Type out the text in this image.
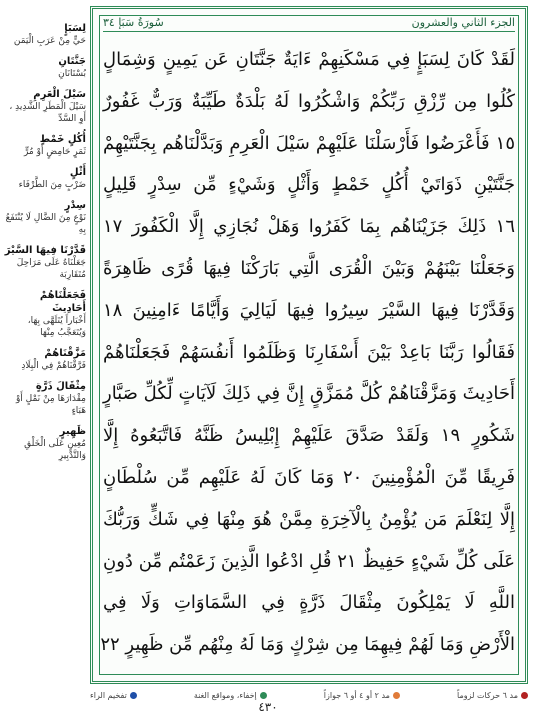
لِسَبَإٍ
حَيٍّ مِنْ عَرَبِ الْيَمَن
جَنَّتَانِ
بُسْتَانَانِ
سَيْلَ الْعَرِمِ
سَيْلَ الْمَطَرِ الشَّدِيدِ ، أَوِ السَّدِّ
أُكُلٍ خَمْطٍ
ثَمَرٍ حَامِضٍ أَوْ مُرٍّ
أَثْلٍ
ضَرْبٍ مِنَ الطَّرْفَاء
سِدْرٍ
نَوْعٍ مِنَ الضَّالِ لَا يُنْتَفَعُ بِهِ
قَدَّرْنَا فِيهَا السَّيْرَ
جَعَلْنَاهُ عَلَى مَرَاحِلَ مُتَقَارِبَة
فَجَعَلْنَاهُمْ أَحَادِيثَ
أَخْبَاراً يُتَلَهَّى بِهَا، وَيُتَعَجَّبُ مِنْهَا
مَزَّقْنَاهُمْ
فَرَّقْنَاهُمْ فِي الْبِلَادِ
مِثْقَالَ ذَرَّةٍ
مِقْدَارَهَا مِنْ نَمْلٍ أَوْ هَبَاءٍ
ظَهِيرٍ
مُعِينٍ عَلَى الْخَلْقِ وَالتَّدْبِيرِ
الجزء الثاني والعشرون
سُورَةُ سَبَإ ٣٤
لَقَدْ كَانَ لِسَبَإٍ فِي مَسْكَنِهِمْ ءَايَةٌ جَنَّتَانِ عَن يَمِينٍ وَشِمَالٍ
كُلُوا مِن رِّزْقِ رَبِّكُمْ وَاشْكُرُوا لَهُ بَلْدَةٌ طَيِّبَةٌ وَرَبٌّ غَفُورٌ
١٥ فَأَعْرَضُوا فَأَرْسَلْنَا عَلَيْهِمْ سَيْلَ الْعَرِمِ وَبَدَّلْنَاهُم بِجَنَّتَيْهِمْ
جَنَّتَيْنِ ذَوَاتَيْ أُكُلٍ خَمْطٍ وَأَثْلٍ وَشَيْءٍ مِّن سِدْرٍ قَلِيلٍ
١٦ ذَلِكَ جَزَيْنَاهُم بِمَا كَفَرُوا وَهَلْ نُجَازِي إِلَّا الْكَفُورَ ١٧
وَجَعَلْنَا بَيْنَهُمْ وَبَيْنَ الْقُرَى الَّتِي بَارَكْنَا فِيهَا قُرًى ظَاهِرَةً
وَقَدَّرْنَا فِيهَا السَّيْرَ سِيرُوا فِيهَا لَيَالِيَ وَأَيَّامًا ءَامِنِينَ ١٨
فَقَالُوا رَبَّنَا بَاعِدْ بَيْنَ أَسْفَارِنَا وَظَلَمُوا أَنفُسَهُمْ فَجَعَلْنَاهُمْ
أَحَادِيثَ وَمَزَّقْنَاهُمْ كُلَّ مُمَزَّقٍ إِنَّ فِي ذَلِكَ لَآيَاتٍ لِّكُلِّ صَبَّارٍ
شَكُورٍ ١٩ وَلَقَدْ صَدَّقَ عَلَيْهِمْ إِبْلِيسُ ظَنَّهُ فَاتَّبَعُوهُ إِلَّا
فَرِيقًا مِّنَ الْمُؤْمِنِينَ ٢٠ وَمَا كَانَ لَهُ عَلَيْهِم مِّن سُلْطَانٍ
إِلَّا لِنَعْلَمَ مَن يُؤْمِنُ بِالْآخِرَةِ مِمَّنْ هُوَ مِنْهَا فِي شَكٍّ وَرَبُّكَ
عَلَى كُلِّ شَيْءٍ حَفِيظٌ ٢١ قُلِ ادْعُوا الَّذِينَ زَعَمْتُم مِّن دُونِ
اللَّهِ لَا يَمْلِكُونَ مِثْقَالَ ذَرَّةٍ فِي السَّمَاوَاتِ وَلَا فِي
الْأَرْضِ وَمَا لَهُمْ فِيهِمَا مِن شِرْكٍ وَمَا لَهُ مِنْهُم مِّن ظَهِيرٍ ٢٢
مد ٦ حركات لزوماً
مد ٢ أو ٤ أو ٦ جوازاً
إخفاء، ومواقع الغنة
تفخيم الراء
٤٣٠
